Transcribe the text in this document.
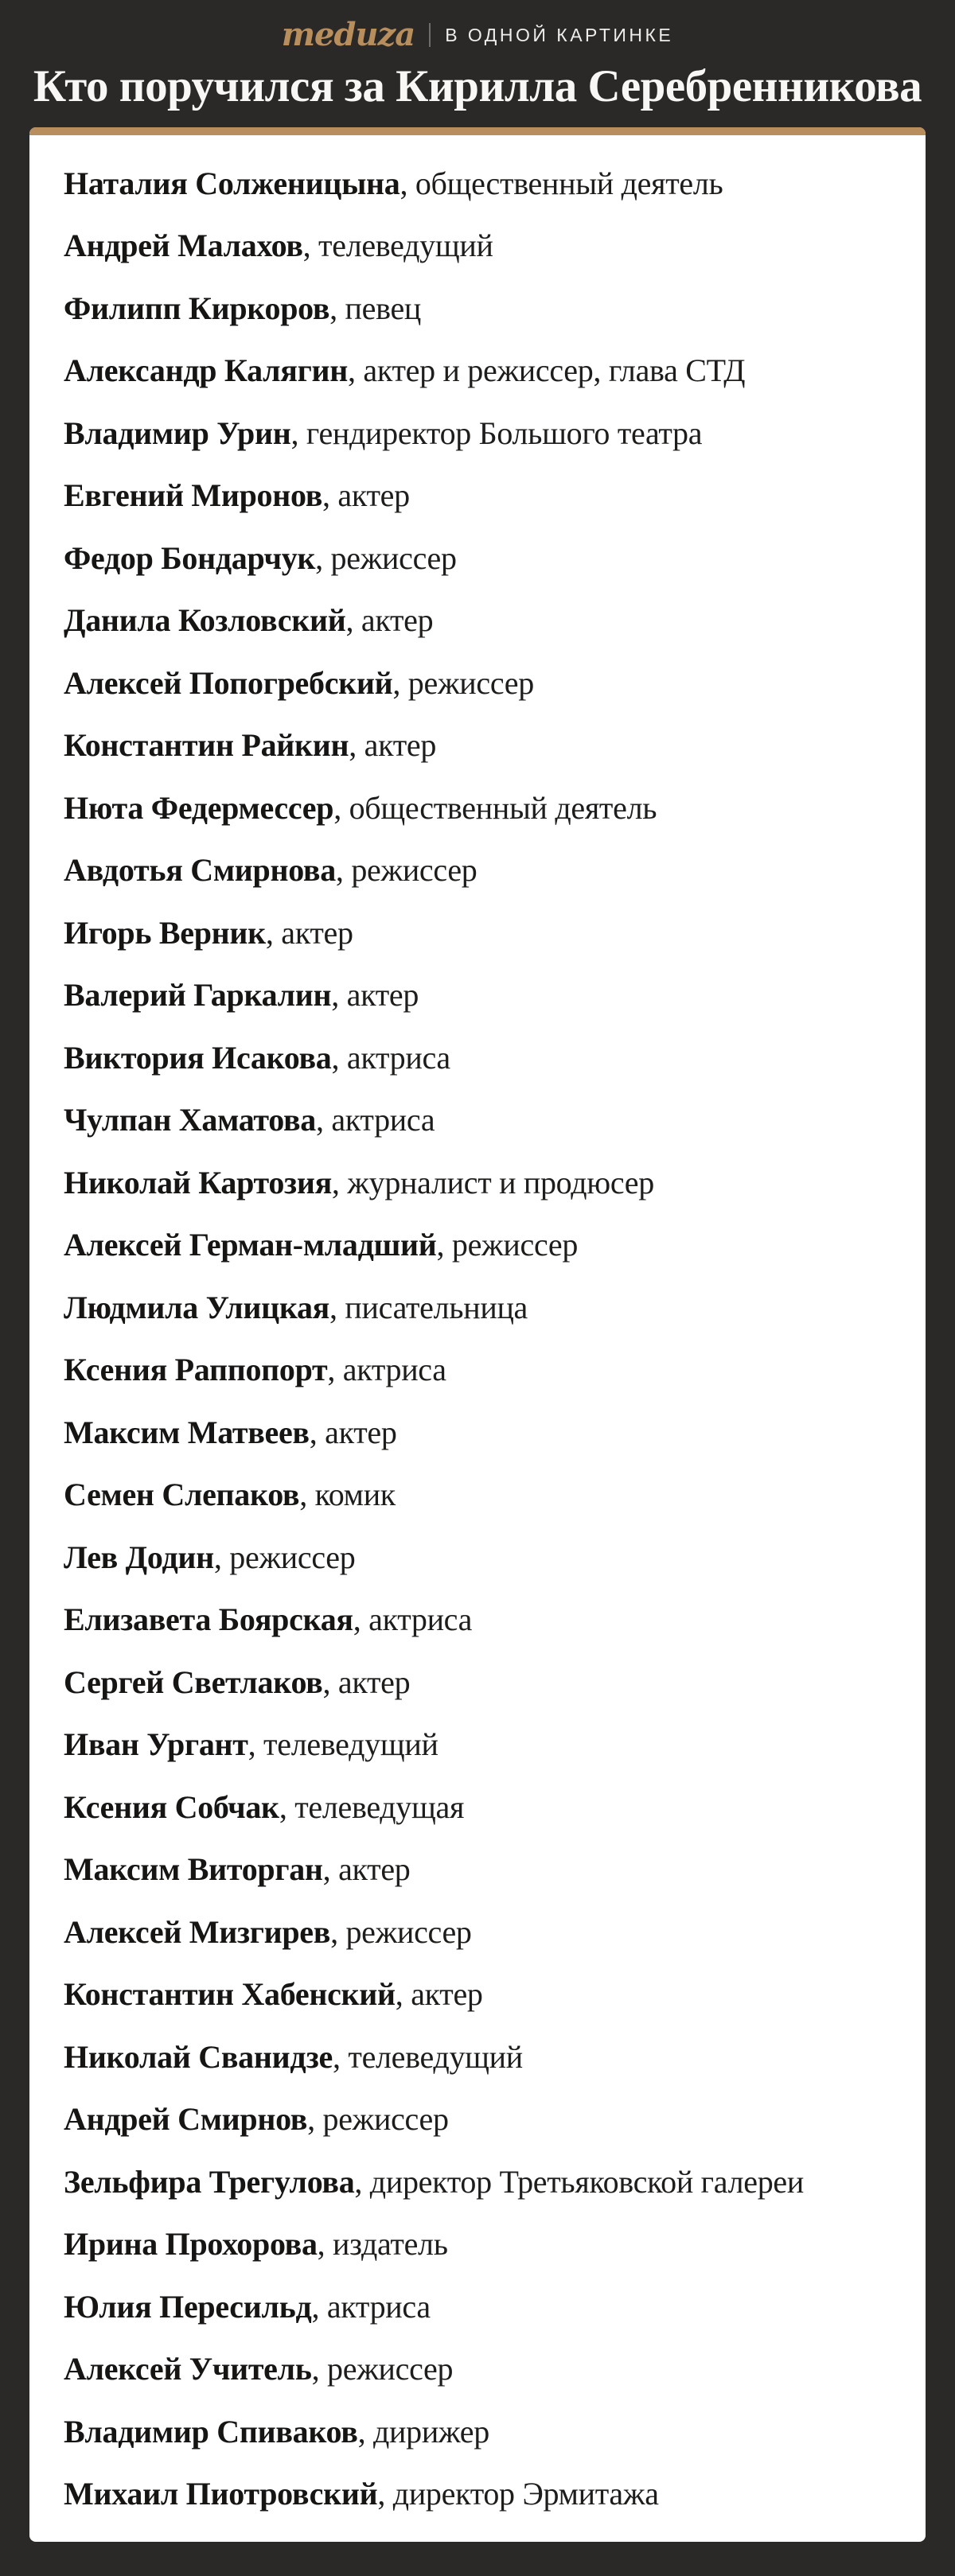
meduza В ОДНОЙ КАРТИНКЕ
Кто поручился за Кирилла Серебренникова
Наталия Солженицына , общественный деятель
Андрей Малахов , телеведущий
Филипп Киркоров , певец
Александр Калягин , актер и режиссер, глава СТД
Владимир Урин , гендиректор Большого театра
Евгений Миронов , актер
Федор Бондарчук , режиссер
Данила Козловский , актер
Алексей Попогребский , режиссер
Константин Райкин , актер
Нюта Федермессер , общественный деятель
Авдотья Смирнова , режиссер
Игорь Верник , актер
Валерий Гаркалин , актер
Виктория Исакова , актриса
Чулпан Хаматова , актриса
Николай Картозия , журналист и продюсер
Алексей Герман-младший , режиссер
Людмила Улицкая , писательница
Ксения Раппопорт , актриса
Максим Матвеев , актер
Семен Слепаков , комик
Лев Додин , режиссер
Елизавета Боярская , актриса
Сергей Светлаков , актер
Иван Ургант , телеведущий
Ксения Собчак , телеведущая
Максим Виторган , актер
Алексей Мизгирев , режиссер
Константин Хабенский , актер
Николай Сванидзе , телеведущий
Андрей Смирнов , режиссер
Зельфира Трегулова , директор Третьяковской галереи
Ирина Прохорова , издатель
Юлия Пересильд , актриса
Алексей Учитель , режиссер
Владимир Спиваков , дирижер
Михаил Пиотровский , директор Эрмитажа
